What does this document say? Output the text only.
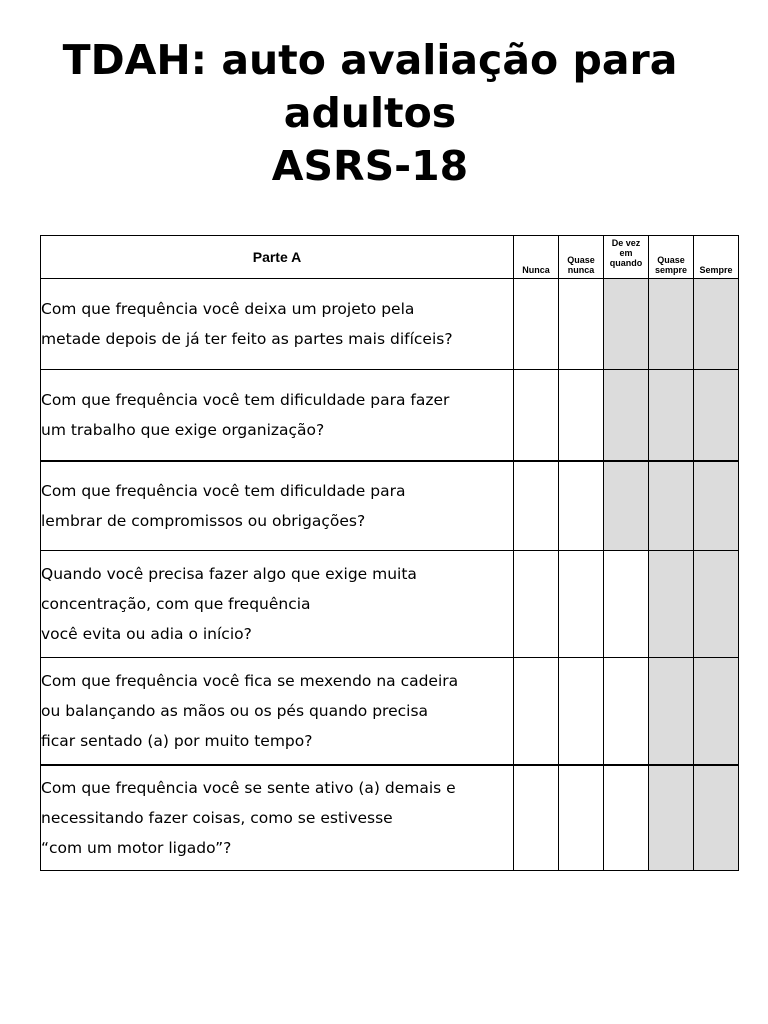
TDAH: auto avaliação para
adultos
ASRS-18
Parte A	Nunca	Quase nunca	De vez em quando	Quase sempre	Sempre

Com que frequência você deixa um projeto pela
metade depois de já ter feito as partes mais difíceis?					

Com que frequência você tem dificuldade para fazer
um trabalho que exige organização?					

Com que frequência você tem dificuldade para
lembrar de compromissos ou obrigações?					

Quando você precisa fazer algo que exige muita
concentração, com que frequência
você evita ou adia o início?					

Com que frequência você fica se mexendo na cadeira
ou balançando as mãos ou os pés quando precisa
ficar sentado (a) por muito tempo?					

Com que frequência você se sente ativo (a) demais e
necessitando fazer coisas, como se estivesse
“com um motor ligado”?					
